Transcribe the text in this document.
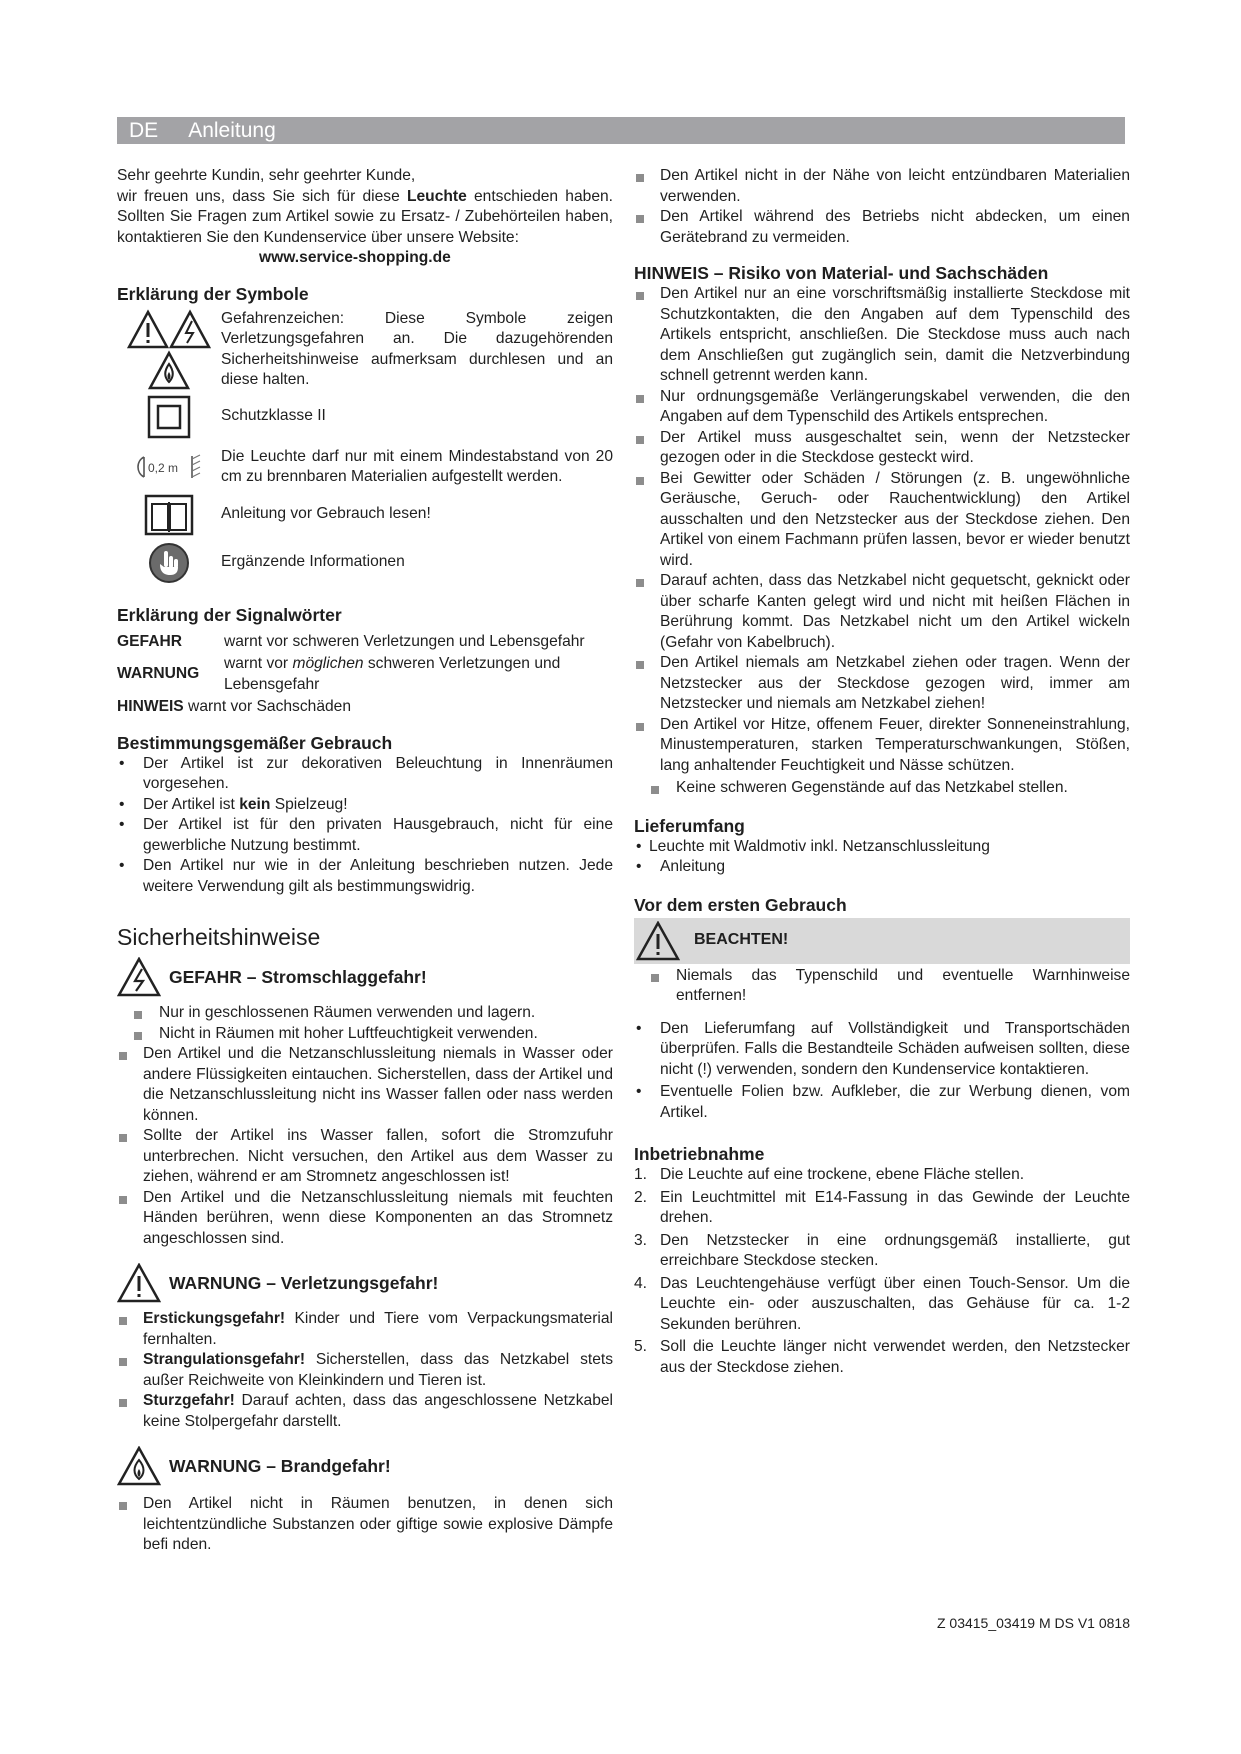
DE Anleitung

Sehr geehrte Kundin, sehr geehrter Kunde,

wir freuen uns, dass Sie sich für diese Leuchte entschieden haben. Sollten Sie Fragen zum Artikel sowie zu Ersatz- / Zubehörteilen haben, kontaktieren Sie den Kundenservice über unsere Website:

www.service-shopping.de

Erklärung der Symbole

Gefahrenzeichen: Diese Symbole zeigen Verletzungsgefahren an. Die dazugehörenden Sicherheitshinweise aufmerksam durchlesen und an diese halten.

Schutzklasse II

0,2 m

Die Leuchte darf nur mit einem Mindestabstand von 20 cm zu brennbaren Materialien aufgestellt werden.

Anleitung vor Gebrauch lesen!

Ergänzende Informationen

Erklärung der Signalwörter

GEFAHR	warnt vor schweren Verletzungen und Lebensgefahr
WARNUNG
warnt vor möglichen schweren Verletzungen und Lebensgefahr

HINWEIS warnt vor Sachschäden

Bestimmungsgemäßer Gebrauch

• Der Artikel ist zur dekorativen Beleuchtung in Innenräumen vorgesehen.
• Der Artikel ist kein Spielzeug!
• Der Artikel ist für den privaten Hausgebrauch, nicht für eine gewerbliche Nutzung bestimmt.
• Den Artikel nur wie in der Anleitung beschrieben nutzen. Jede weitere Verwendung gilt als bestimmungswidrig.

Sicherheitshinweise

GEFAHR – Stromschlaggefahr!
Nur in geschlossenen Räumen verwenden und lagern.
Nicht in Räumen mit hoher Luftfeuchtigkeit verwenden.
Den Artikel und die Netzanschlussleitung niemals in Wasser oder andere Flüssigkeiten eintauchen. Sicherstellen, dass der Artikel und die Netzanschlussleitung nicht ins Wasser fallen oder nass werden können.
Sollte der Artikel ins Wasser fallen, sofort die Stromzufuhr unterbrechen. Nicht versuchen, den Artikel aus dem Wasser zu ziehen, während er am Stromnetz angeschlossen ist!
Den Artikel und die Netzanschlussleitung niemals mit feuchten Händen berühren, wenn diese Komponenten an das Stromnetz angeschlossen sind.
WARNUNG – Verletzungsgefahr!
Erstickungsgefahr! Kinder und Tiere vom Verpackungsmaterial fernhalten.
Strangulationsgefahr! Sicherstellen, dass das Netzkabel stets außer Reichweite von Kleinkindern und Tieren ist.
Sturzgefahr! Darauf achten, dass das angeschlossene Netzkabel keine Stolpergefahr darstellt.
WARNUNG – Brandgefahr!
Den Artikel nicht in Räumen benutzen, in denen sich leichtentzündliche Substanzen oder giftige sowie explosive Dämpfe befi nden.
Den Artikel nicht in der Nähe von leicht entzündbaren Materialien verwenden.
Den Artikel während des Betriebs nicht abdecken, um einen Gerätebrand zu vermeiden.

HINWEIS – Risiko von Material- und Sachschäden

Den Artikel nur an eine vorschriftsmäßig installierte Steckdose mit Schutzkontakten, die den Angaben auf dem Typenschild des Artikels entspricht, anschließen. Die Steckdose muss auch nach dem Anschließen gut zugänglich sein, damit die Netzverbindung schnell getrennt werden kann.
Nur ordnungsgemäße Verlängerungskabel verwenden, die den Angaben auf dem Typenschild des Artikels entsprechen.
Der Artikel muss ausgeschaltet sein, wenn der Netzstecker gezogen oder in die Steckdose gesteckt wird.
Bei Gewitter oder Schäden / Störungen (z. B. ungewöhnliche Geräusche, Geruch- oder Rauchentwicklung) den Artikel ausschalten und den Netzstecker aus der Steckdose ziehen. Den Artikel von einem Fachmann prüfen lassen, bevor er wieder benutzt wird.
Darauf achten, dass das Netzkabel nicht gequetscht, geknickt oder über scharfe Kanten gelegt wird und nicht mit heißen Flächen in Berührung kommt. Das Netzkabel nicht um den Artikel wickeln (Gefahr von Kabelbruch).
Den Artikel niemals am Netzkabel ziehen oder tragen. Wenn der Netzstecker aus der Steckdose gezogen wird, immer am Netzstecker und niemals am Netzkabel ziehen!
Den Artikel vor Hitze, offenem Feuer, direkter Sonneneinstrahlung, Minustemperaturen, starken Temperaturschwankungen, Stößen, lang anhaltender Feuchtigkeit und Nässe schützen.
Keine schweren Gegenstände auf das Netzkabel stellen.

Lieferumfang

• Leuchte mit Waldmotiv inkl. Netzanschlussleitung
• Anleitung

Vor dem ersten Gebrauch

BEACHTEN!
Niemals das Typenschild und eventuelle Warnhinweise entfernen!
• Den Lieferumfang auf Vollständigkeit und Transportschäden überprüfen. Falls die Bestandteile Schäden aufweisen sollten, diese nicht (!) verwenden, sondern den Kundenservice kontaktieren.
• Eventuelle Folien bzw. Aufkleber, die zur Werbung dienen, vom Artikel.

Inbetriebnahme

1. Die Leuchte auf eine trockene, ebene Fläche stellen.
2. Ein Leuchtmittel mit E14-Fassung in das Gewinde der Leuchte drehen.
3. Den Netzstecker in eine ordnungsgemäß installierte, gut erreichbare Steckdose stecken.
4. Das Leuchtengehäuse verfügt über einen Touch-Sensor. Um die Leuchte ein- oder auszuschalten, das Gehäuse für ca. 1-2 Sekunden berühren.
5. Soll die Leuchte länger nicht verwendet werden, den Netzstecker aus der Steckdose ziehen.
Z 03415_03419 M DS V1 0818
